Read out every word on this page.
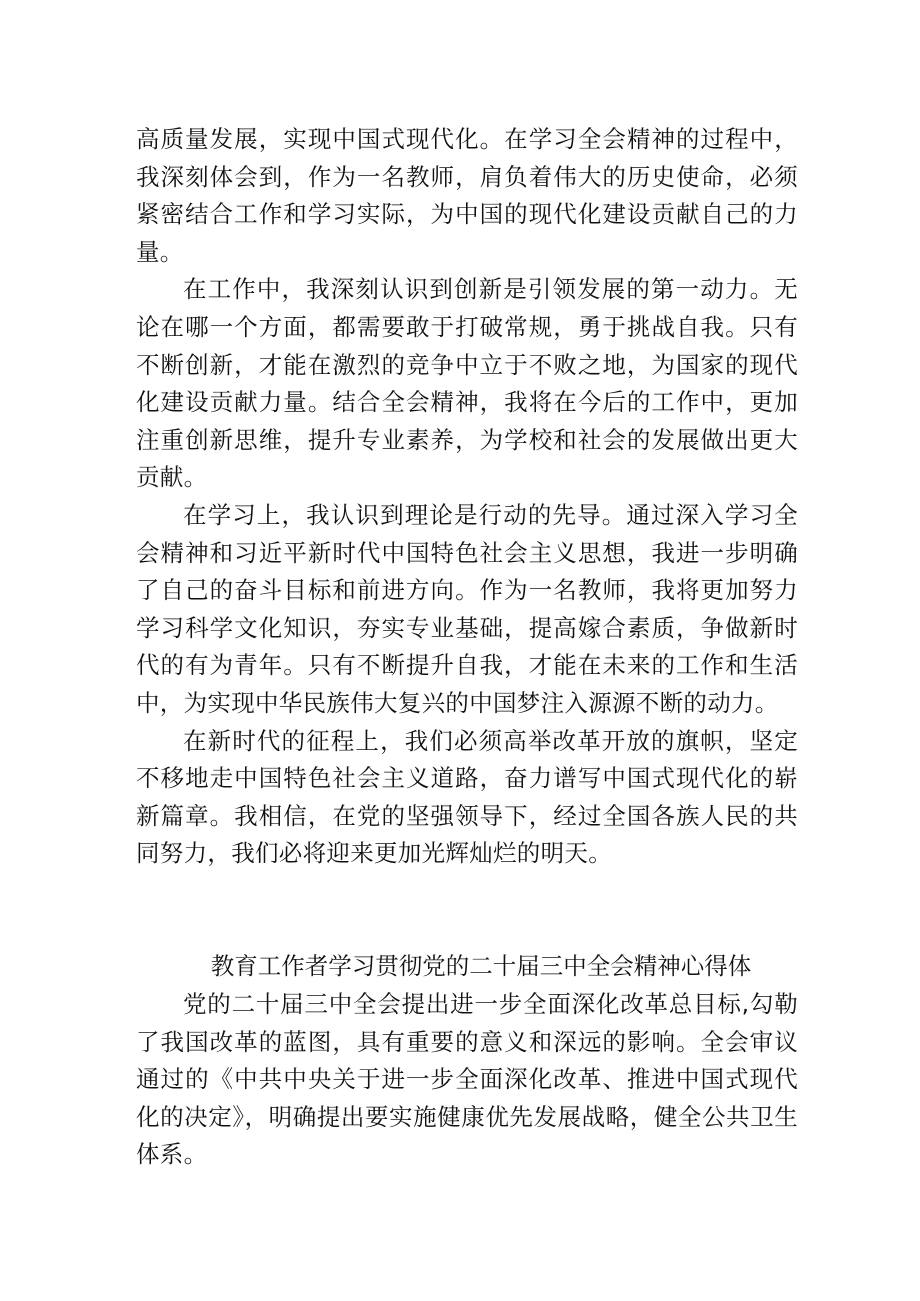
高质量发展，实现中国式现代化。在学习全会精神的过程中，我深刻体会到，作为一名教师，肩负着伟大的历史使命，必须紧密结合工作和学习实际，为中国的现代化建设贡献自己的力量。

在工作中，我深刻认识到创新是引领发展的第一动力。无论在哪一个方面，都需要敢于打破常规，勇于挑战自我。只有不断创新，才能在激烈的竞争中立于不败之地，为国家的现代化建设贡献力量。结合全会精神，我将在今后的工作中，更加注重创新思维，提升专业素养，为学校和社会的发展做出更大贡献。

在学习上，我认识到理论是行动的先导。通过深入学习全会精神和习近平新时代中国特色社会主义思想，我进一步明确了自己的奋斗目标和前进方向。作为一名教师，我将更加努力学习科学文化知识，夯实专业基础，提高嫁合素质，争做新时代的有为青年。只有不断提升自我，才能在未来的工作和生活中，为实现中华民族伟大复兴的中国梦注入源源不断的动力。

在新时代的征程上，我们必须高举改革开放的旗帜，坚定不移地走中国特色社会主义道路，奋力谱写中国式现代化的崭新篇章。我相信，在党的坚强领导下，经过全国各族人民的共同努力，我们必将迎来更加光辉灿烂的明天。

教育工作者学习贯彻党的二十届三中全会精神心得体

党的二十届三中全会提出进一步全面深化改革总目标,勾勒了我国改革的蓝图，具有重要的意义和深远的影响。全会审议通过的《中共中央关于进一步全面深化改革、推进中国式现代化的决定》，明确提出要实施健康优先发展战略，健全公共卫生体系。
